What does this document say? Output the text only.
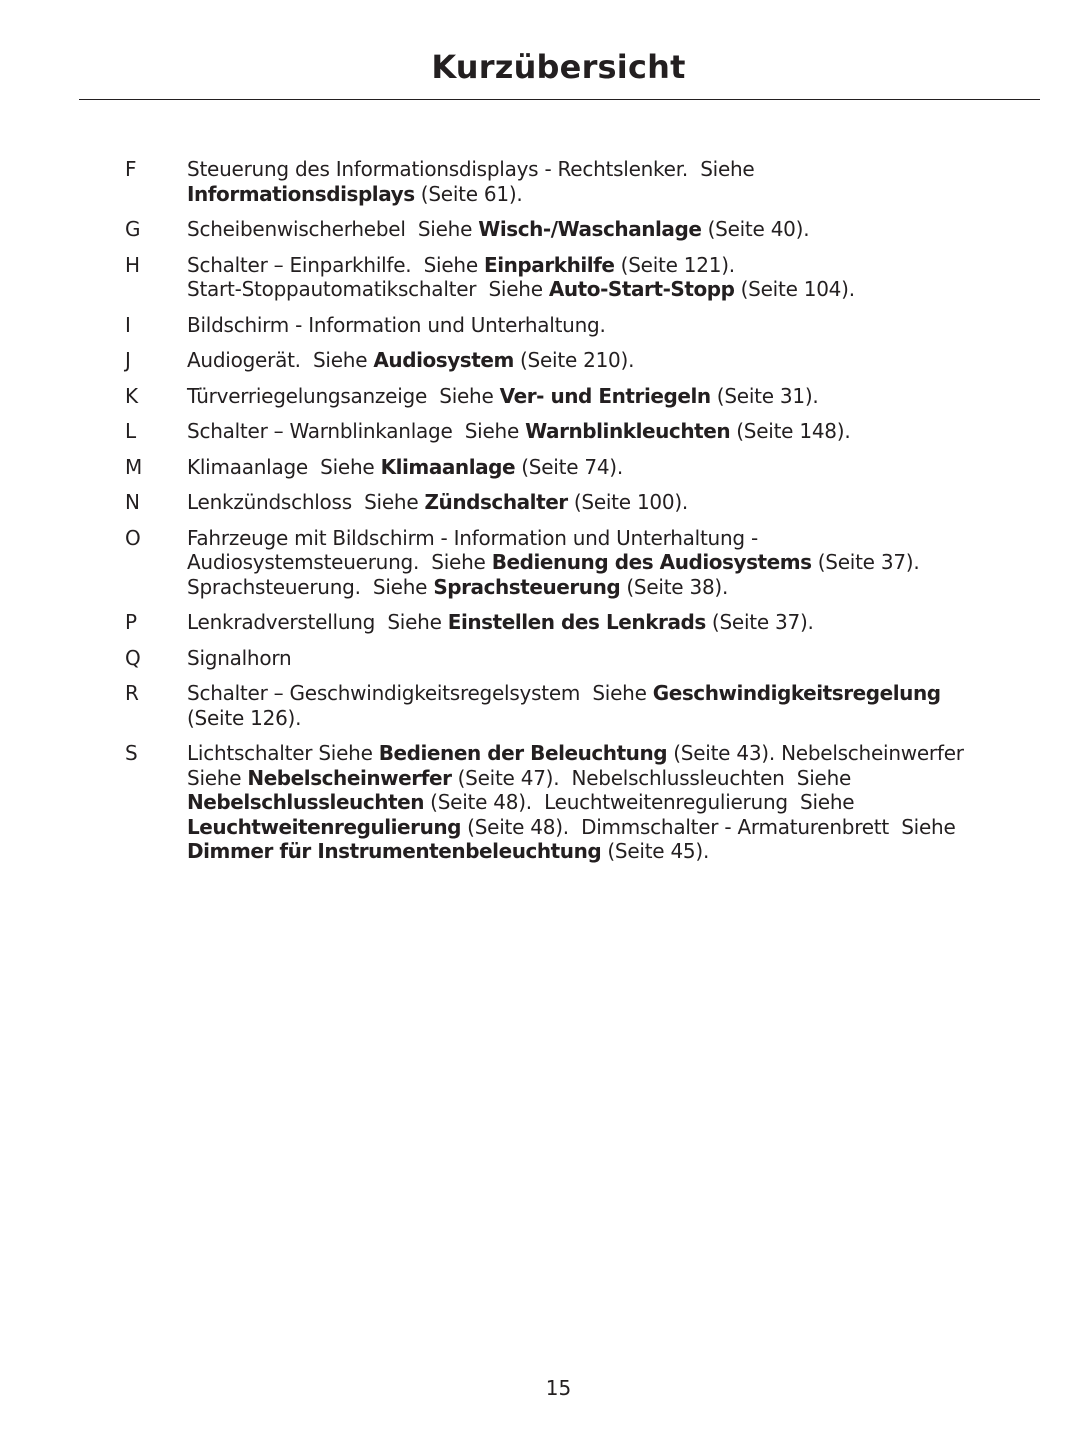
Kurzübersicht
F	Steuerung des Informationsdisplays - Rechtslenker.  Siehe
Informationsdisplays (Seite 61).
G	Scheibenwischerhebel  Siehe Wisch-/Waschanlage (Seite 40).
H	Schalter – Einparkhilfe.  Siehe Einparkhilfe (Seite 121).
Start-Stoppautomatikschalter  Siehe Auto-Start-Stopp (Seite 104).
I	Bildschirm - Information und Unterhaltung.
J	Audiogerät.  Siehe Audiosystem (Seite 210).
K	Türverriegelungsanzeige  Siehe Ver- und Entriegeln (Seite 31).
L	Schalter – Warnblinkanlage  Siehe Warnblinkleuchten (Seite 148).
M	Klimaanlage  Siehe Klimaanlage (Seite 74).
N	Lenkzündschloss  Siehe Zündschalter (Seite 100).
O	Fahrzeuge mit Bildschirm - Information und Unterhaltung -
Audiosystemsteuerung.  Siehe Bedienung des Audiosystems (Seite 37).
Sprachsteuerung.  Siehe Sprachsteuerung (Seite 38).
P	Lenkradverstellung  Siehe Einstellen des Lenkrads (Seite 37).
Q	Signalhorn
R	Schalter – Geschwindigkeitsregelsystem  Siehe Geschwindigkeitsregelung
(Seite 126).
S	Lichtschalter Siehe Bedienen der Beleuchtung (Seite 43). Nebelscheinwerfer
Siehe Nebelscheinwerfer (Seite 47).  Nebelschlussleuchten  Siehe
Nebelschlussleuchten (Seite 48).  Leuchtweitenregulierung  Siehe
Leuchtweitenregulierung (Seite 48).  Dimmschalter - Armaturenbrett  Siehe
Dimmer für Instrumentenbeleuchtung (Seite 45).
15
